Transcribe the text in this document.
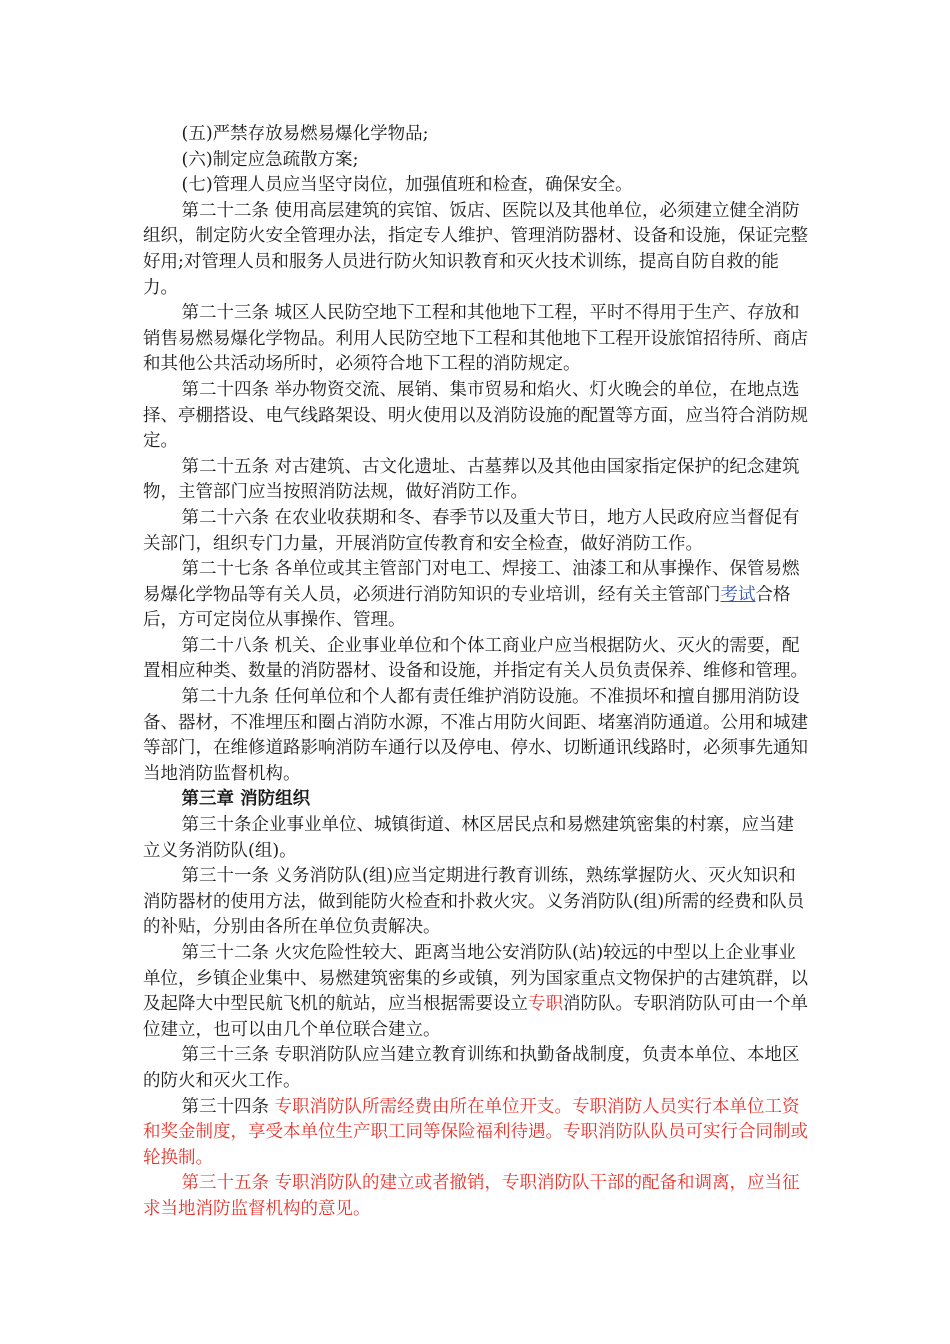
(五)严禁存放易燃易爆化学物品;

(六)制定应急疏散方案;

(七)管理人员应当坚守岗位，加强值班和检查，确保安全。

第二十二条 使用高层建筑的宾馆、饭店、医院以及其他单位，必须建立健全消防组织，制定防火安全管理办法，指定专人维护、管理消防器材、设备和设施，保证完整好用;对管理人员和服务人员进行防火知识教育和灭火技术训练，提高自防自救的能力。

第二十三条 城区人民防空地下工程和其他地下工程，平时不得用于生产、存放和销售易燃易爆化学物品。利用人民防空地下工程和其他地下工程开设旅馆招待所、商店和其他公共活动场所时，必须符合地下工程的消防规定。

第二十四条 举办物资交流、展销、集市贸易和焰火、灯火晚会的单位，在地点选择、亭棚搭设、电气线路架设、明火使用以及消防设施的配置等方面，应当符合消防规定。

第二十五条 对古建筑、古文化遗址、古墓葬以及其他由国家指定保护的纪念建筑物，主管部门应当按照消防法规，做好消防工作。

第二十六条 在农业收获期和冬、春季节以及重大节日，地方人民政府应当督促有关部门，组织专门力量，开展消防宣传教育和安全检查，做好消防工作。

第二十七条 各单位或其主管部门对电工、焊接工、油漆工和从事操作、保管易燃易爆化学物品等有关人员，必须进行消防知识的专业培训，经有关主管部门考试合格后，方可定岗位从事操作、管理。

第二十八条 机关、企业事业单位和个体工商业户应当根据防火、灭火的需要，配置相应种类、数量的消防器材、设备和设施，并指定有关人员负责保养、维修和管理。

第二十九条 任何单位和个人都有责任维护消防设施。不准损坏和擅自挪用消防设备、器材，不准埋压和圈占消防水源，不准占用防火间距、堵塞消防通道。公用和城建等部门，在维修道路影响消防车通行以及停电、停水、切断通讯线路时，必须事先通知当地消防监督机构。

第三章 消防组织

第三十条企业事业单位、城镇街道、林区居民点和易燃建筑密集的村寨，应当建立义务消防队(组)。

第三十一条 义务消防队(组)应当定期进行教育训练，熟练掌握防火、灭火知识和消防器材的使用方法，做到能防火检查和扑救火灾。义务消防队(组)所需的经费和队员的补贴，分别由各所在单位负责解决。

第三十二条 火灾危险性较大、距离当地公安消防队(站)较远的中型以上企业事业单位，乡镇企业集中、易燃建筑密集的乡或镇，列为国家重点文物保护的古建筑群，以及起降大中型民航飞机的航站，应当根据需要设立专职消防队。专职消防队可由一个单位建立，也可以由几个单位联合建立。

第三十三条 专职消防队应当建立教育训练和执勤备战制度，负责本单位、本地区的防火和灭火工作。

第三十四条 专职消防队所需经费由所在单位开支。专职消防人员实行本单位工资和奖金制度，享受本单位生产职工同等保险福利待遇。专职消防队队员可实行合同制或轮换制。

第三十五条 专职消防队的建立或者撤销，专职消防队干部的配备和调离，应当征求当地消防监督机构的意见。
